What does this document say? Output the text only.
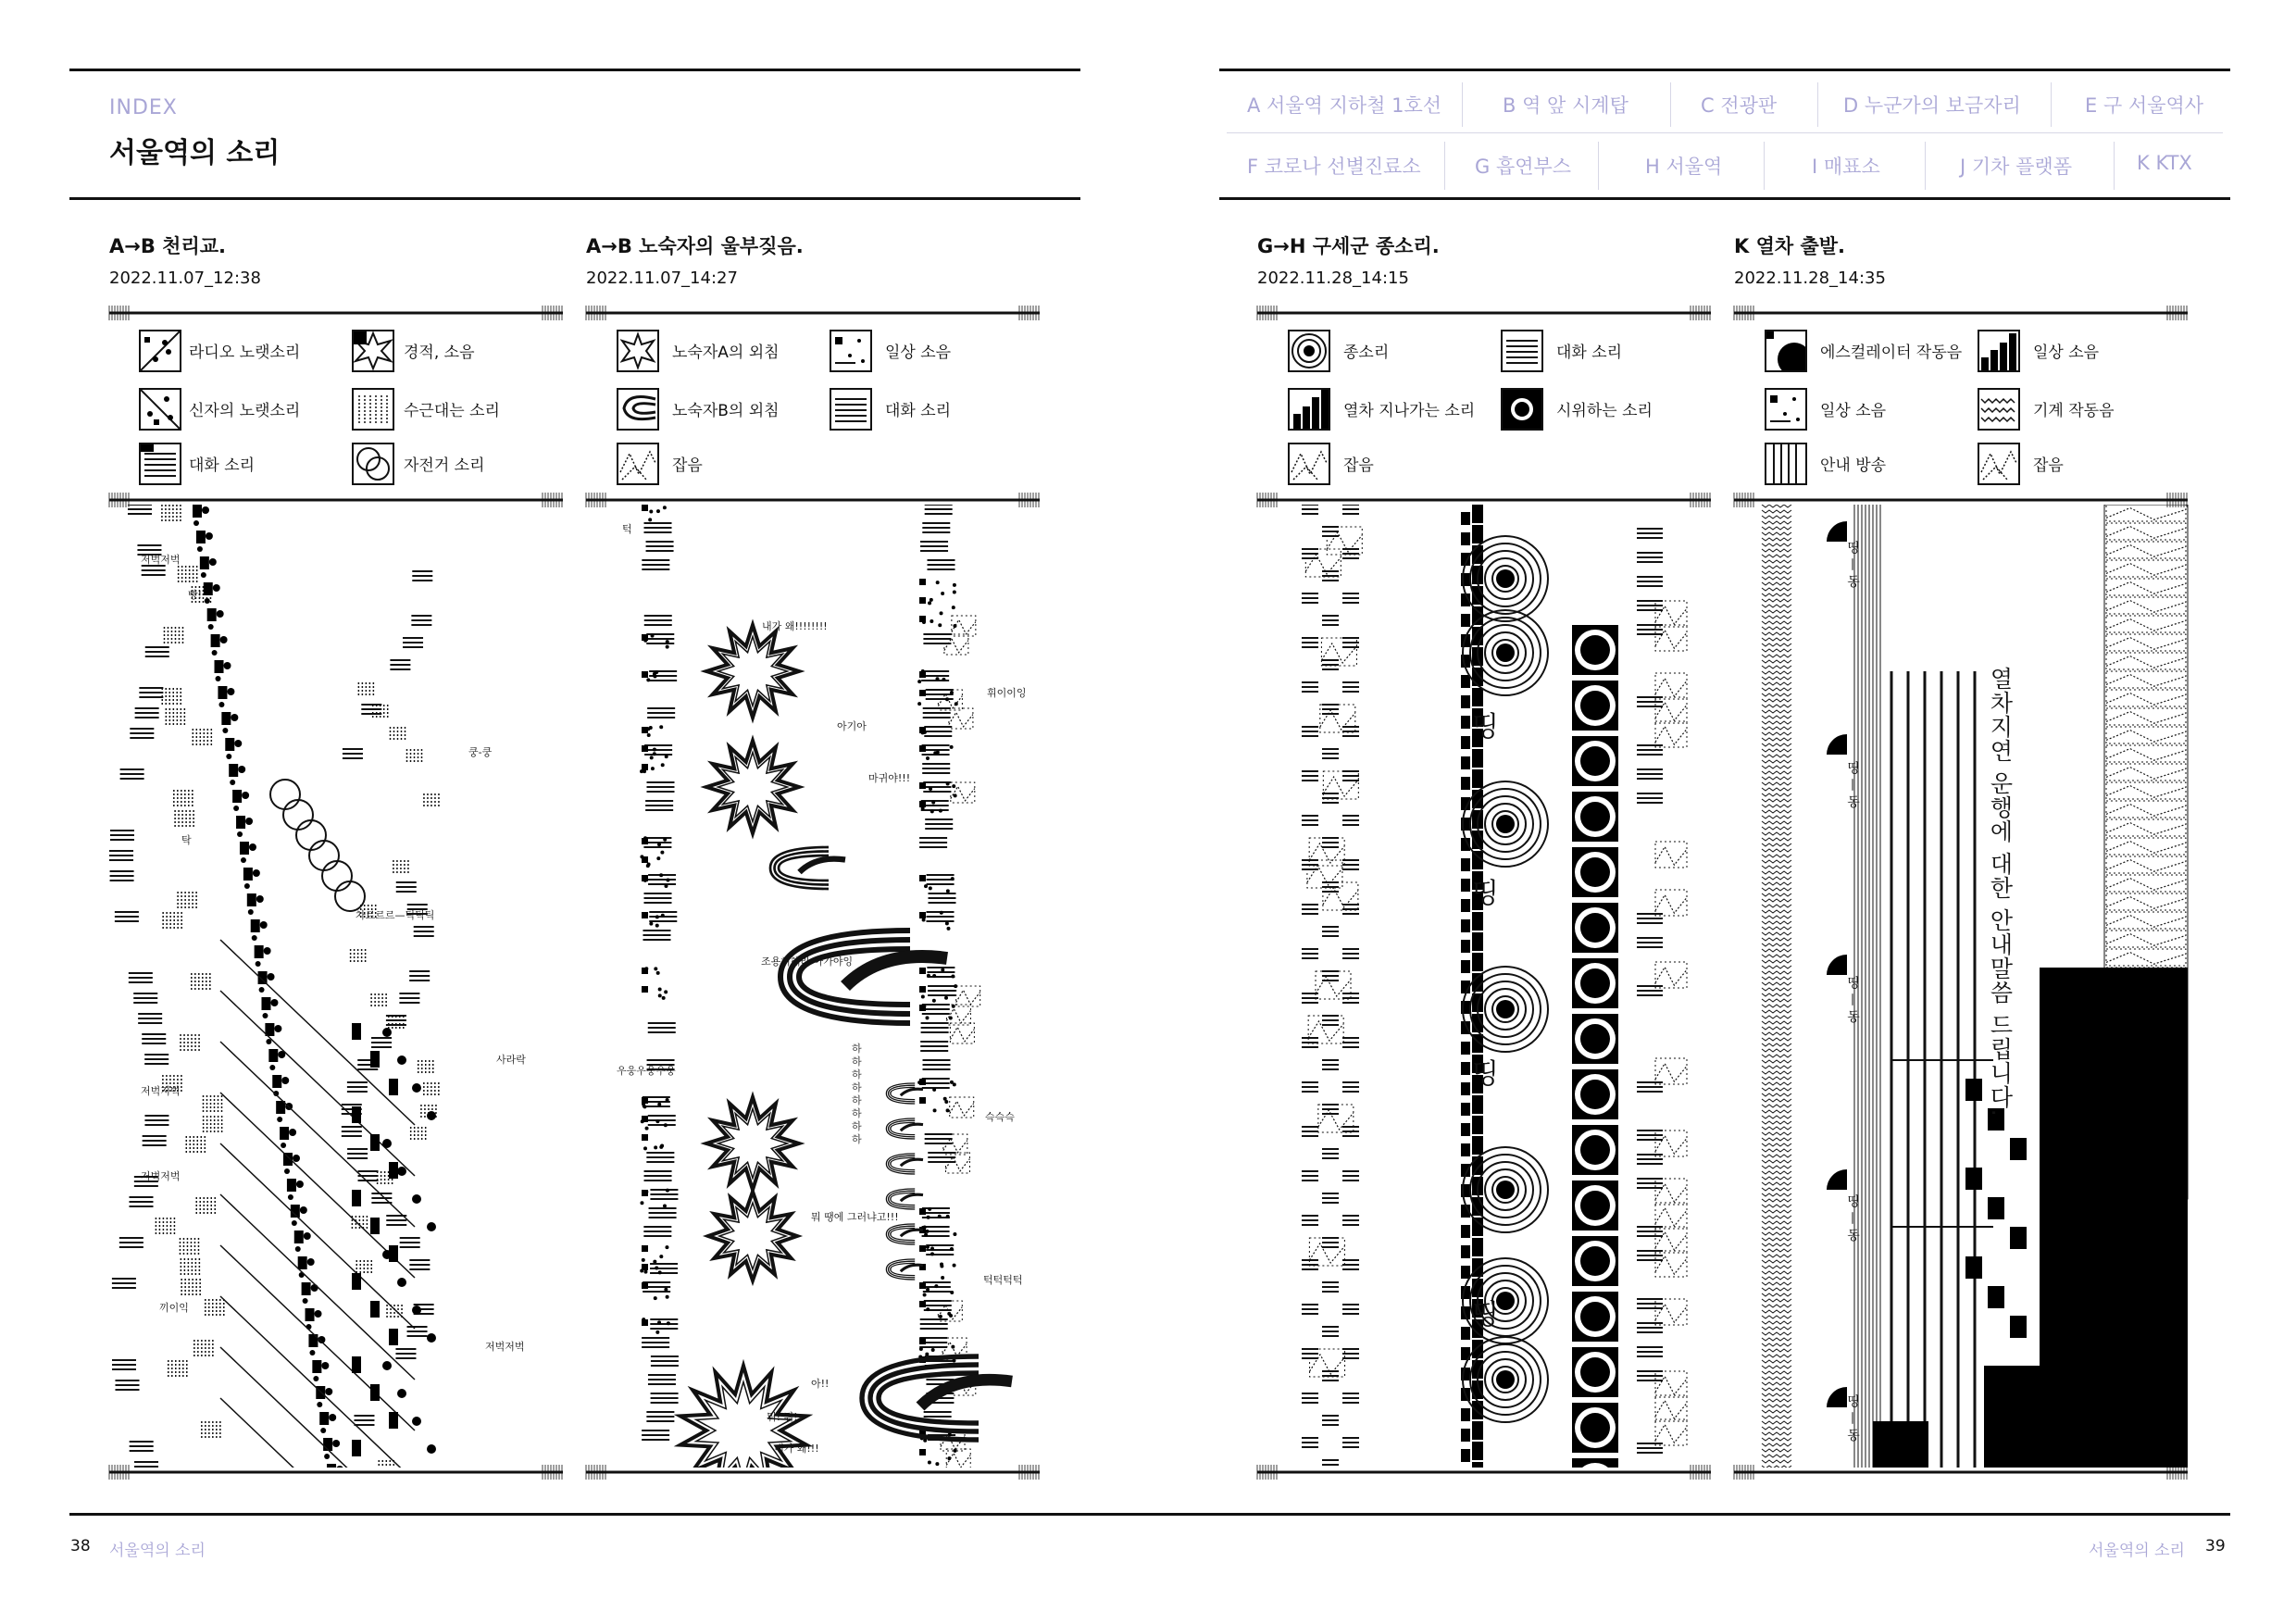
INDEX
서울역의 소리
A 서울역 지하철 1호선	B 역 앞 시계탑	C 전광판	D 누군가의 보금자리	E 구 서울역사
F 코로나 선별진료소	G 흡연부스	H 서울역	I 매표소	J 기차 플랫폼	K KTX
A→B 천리교.
2022.11.07_12:38
A→B 노숙자의 울부짖음.
2022.11.07_14:27
G→H 구세군 종소리.
2022.11.28_14:15
K 열차 출발.
2022.11.28_14:35
라디오 노랫소리	경적, 소음
신자의 노랫소리	수근대는 소리
대화 소리	자전거 소리
노숙자A의 외침	일상 소음
노숙자B의 외침	대화 소리
잡음
종소리	대화 소리
열차 지나가는 소리	시위하는 소리
잡음
에스컬레이터 작동음	일상 소음
일상 소음	기계 작동음
안내 방송	잡음
저벅저벅
빵!
쿵-쿵
탁
차르르르—틱틱틱
사라락
저벅저벅
저벅저벅
끼이익
저벅저벅
턱
내가 왜!!!!!!!!
휘이이잉
아기아
마귀야!!!
조용히해라 아가야잉
우웅우웅우웅
하하하하하하하하
슥슥슥
뭐 땡에 그러냐고!!!
턱턱턱턱
아!!
뭐! 뭐!
내가 왜!!!
띵
띵
띵
띵
띵 — 동
띵 — 동
띵 — 동
띵 — 동
띵 — 동
열차지연 운행에 대한 안내말씀 드립니다.
38 서울역의 소리	서울역의 소리 39
